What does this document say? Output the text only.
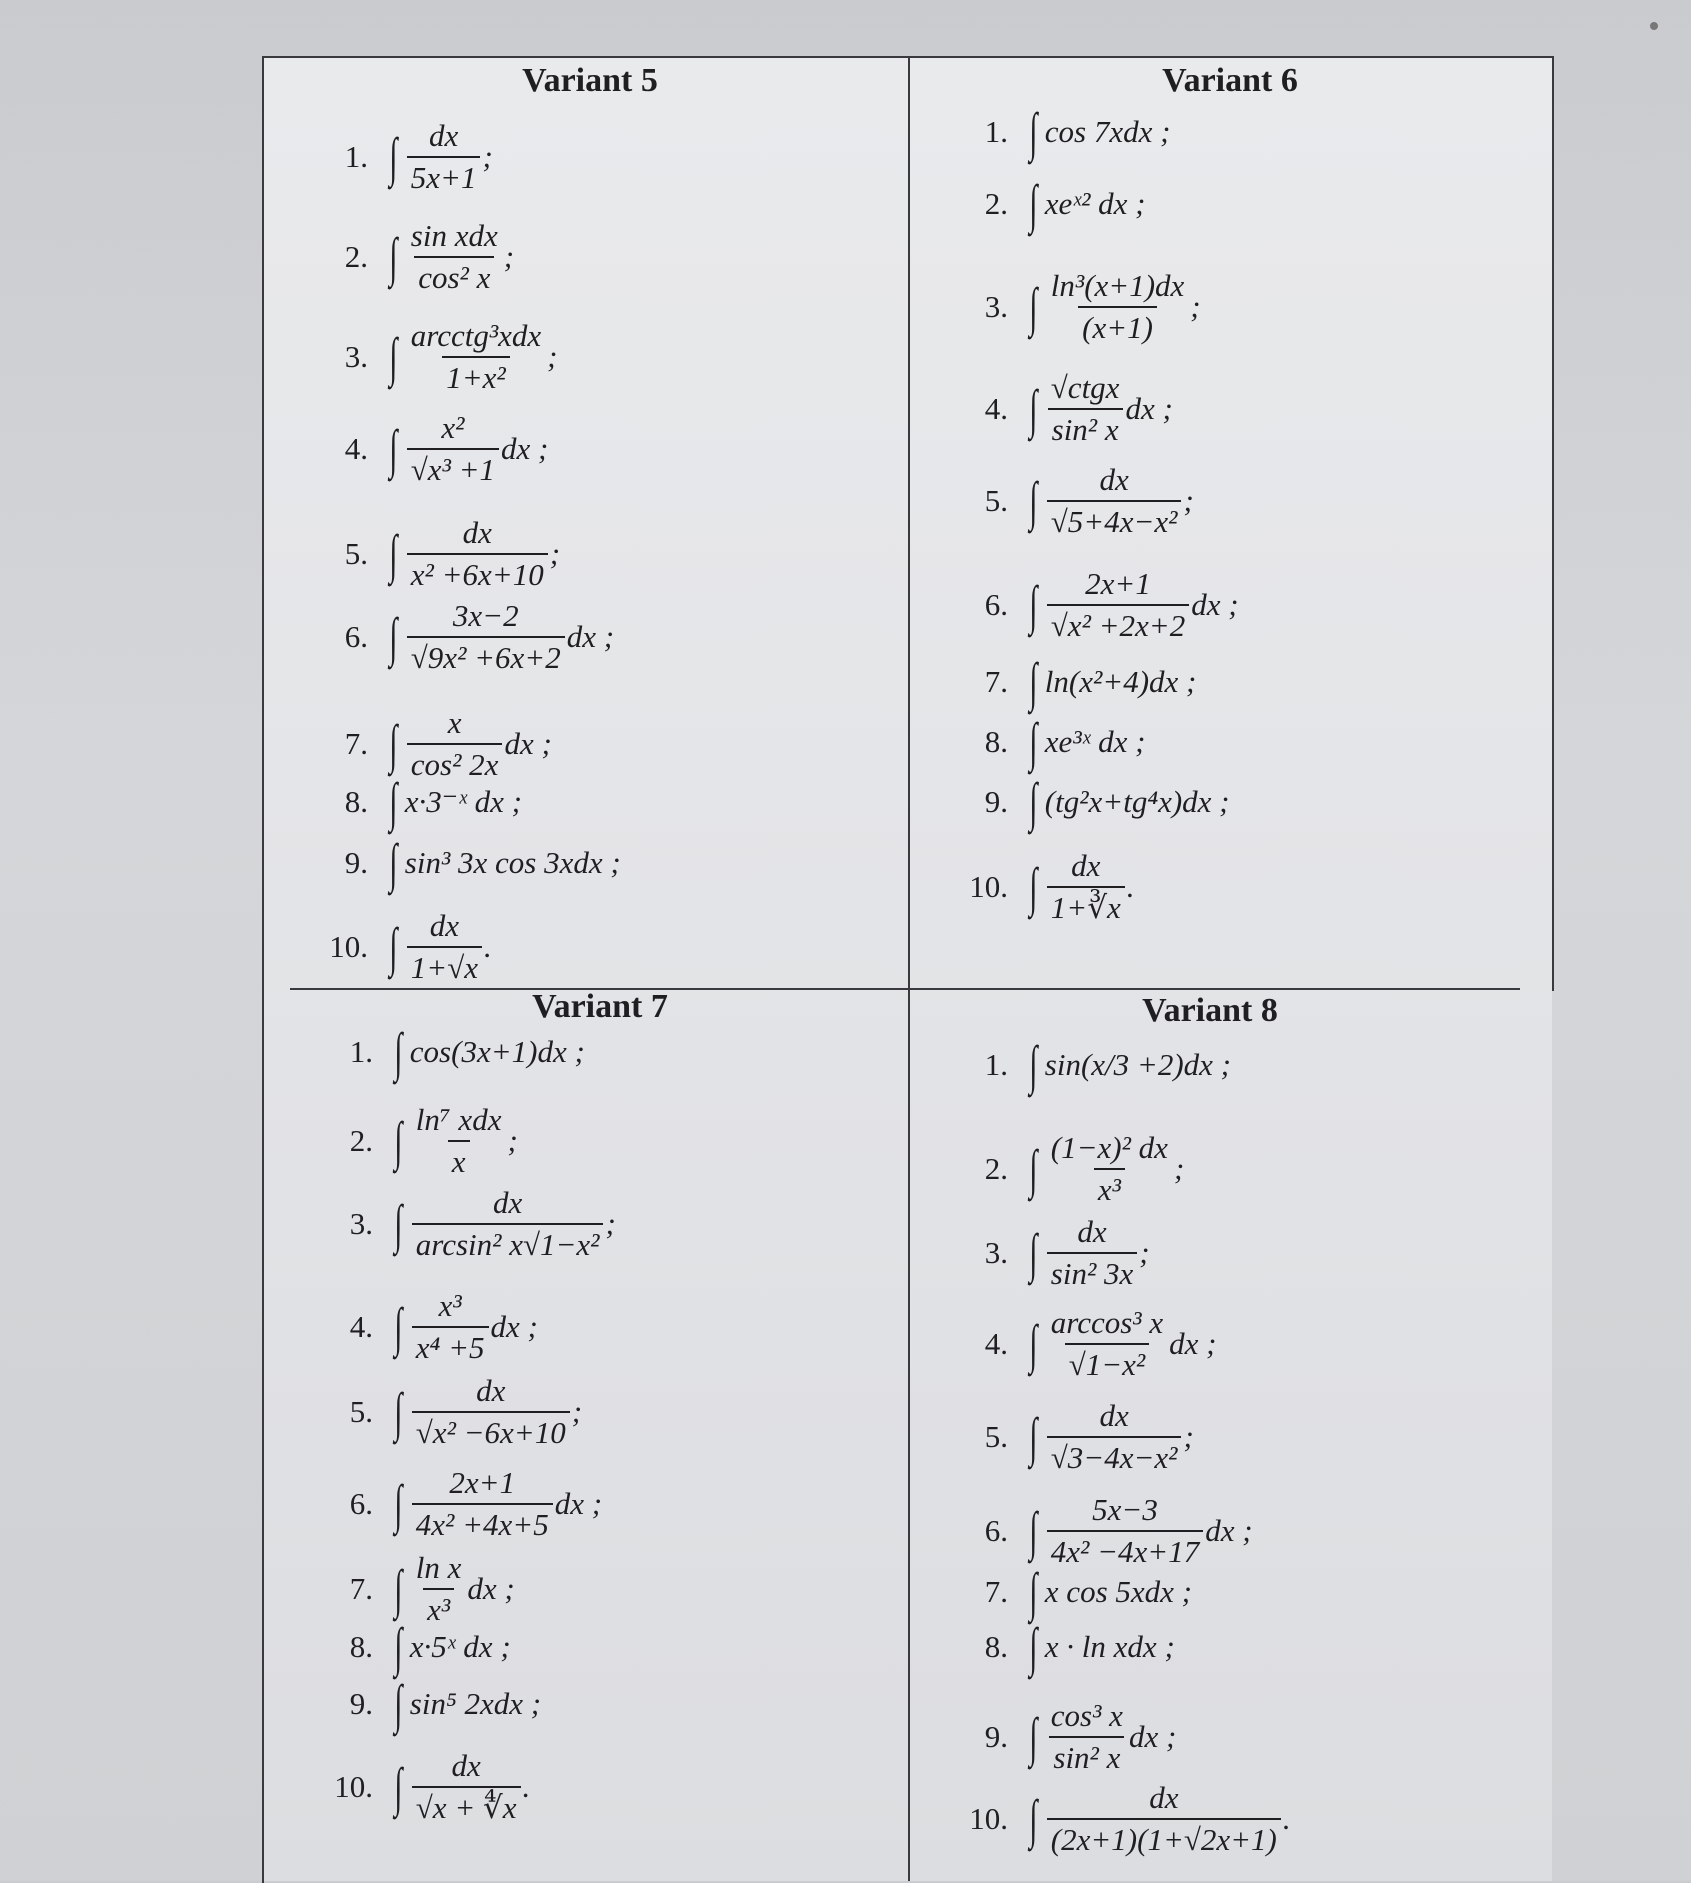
Variant 5	Variant 6
Variant 7	Variant 8
1. ∫ $\frac{dx}{5x+1}$ ;
2. ∫ $\frac{\text{sin xdx}}{\text{cos² x}}$ ;
3. ∫ $\frac{\text{arcctg³xdx}}{\text{1+x²}}$ ;
4. ∫ $\frac{\text{x²}}{\text{√x³ +1}}$ dx ;
5. ∫ $\frac{dx}{\text{x² +6x+10}}$ ;
6. ∫ $\frac{3x-2}{\text{√9x² +6x+2}}$ dx ;
7. ∫ $\frac{x}{\text{cos² 2x}}$ dx ;
8. ∫ x·3⁻ˣ dx ;
9. ∫ sin³ 3x cos 3xdx ;
10. ∫ $\frac{dx}{1+√x}$ .
1. ∫ cos 7xdx ;
2. ∫ xeˣ² dx ;
3. ∫ $\frac{\text{ln³(x+1)dx}}{(x+1)}$ ;
4. ∫ $\frac{\text{√ctgx}}{\text{sin² x}}$ dx ;
5. ∫ $\frac{dx}{\text{√5+4x−x²}}$ ;
6. ∫ $\frac{2x+1}{\text{√x² +2x+2}}$ dx ;
7. ∫ ln(x²+4)dx ;
8. ∫ xe³ˣ dx ;
9. ∫ (tg²x+tg⁴x)dx ;
10. ∫ $\frac{dx}{1+∛x}$ .
1. ∫ cos(3x+1)dx ;
2. ∫ $\frac{\text{ln⁷ xdx}}{x}$ ;
3. ∫ $\frac{dx}{\text{arcsin² x√1−x²}}$ ;
4. ∫ $\frac{\text{x³}}{\text{x⁴ +5}}$ dx ;
5. ∫ $\frac{dx}{\text{√x² −6x+10}}$ ;
6. ∫ $\frac{2x+1}{\text{4x² +4x+5}}$ dx ;
7. ∫ $\frac{\text{ln x}}{\text{x³}}$ dx ;
8. ∫ x·5ˣ dx ;
9. ∫ sin⁵ 2xdx ;
10. ∫ $\frac{dx}{√x + ∜x}$ .
1. ∫ sin(x/3 +2)dx ;
2. ∫ $\frac{\text{(1−x)² dx}}{\text{x³}}$ ;
3. ∫ $\frac{dx}{\text{sin² 3x}}$ ;
4. ∫ $\frac{\text{arccos³ x}}{\text{√1−x²}}$ dx ;
5. ∫ $\frac{dx}{\text{√3−4x−x²}}$ ;
6. ∫ $\frac{5x-3}{\text{4x² −4x+17}}$ dx ;
7. ∫ x cos 5xdx ;
8. ∫ x · ln xdx ;
9. ∫ $\frac{\text{cos³ x}}{\text{sin² x}}$ dx ;
10. ∫ $\frac{dx}{(2x+1)(1+√2x+1)}$ .
